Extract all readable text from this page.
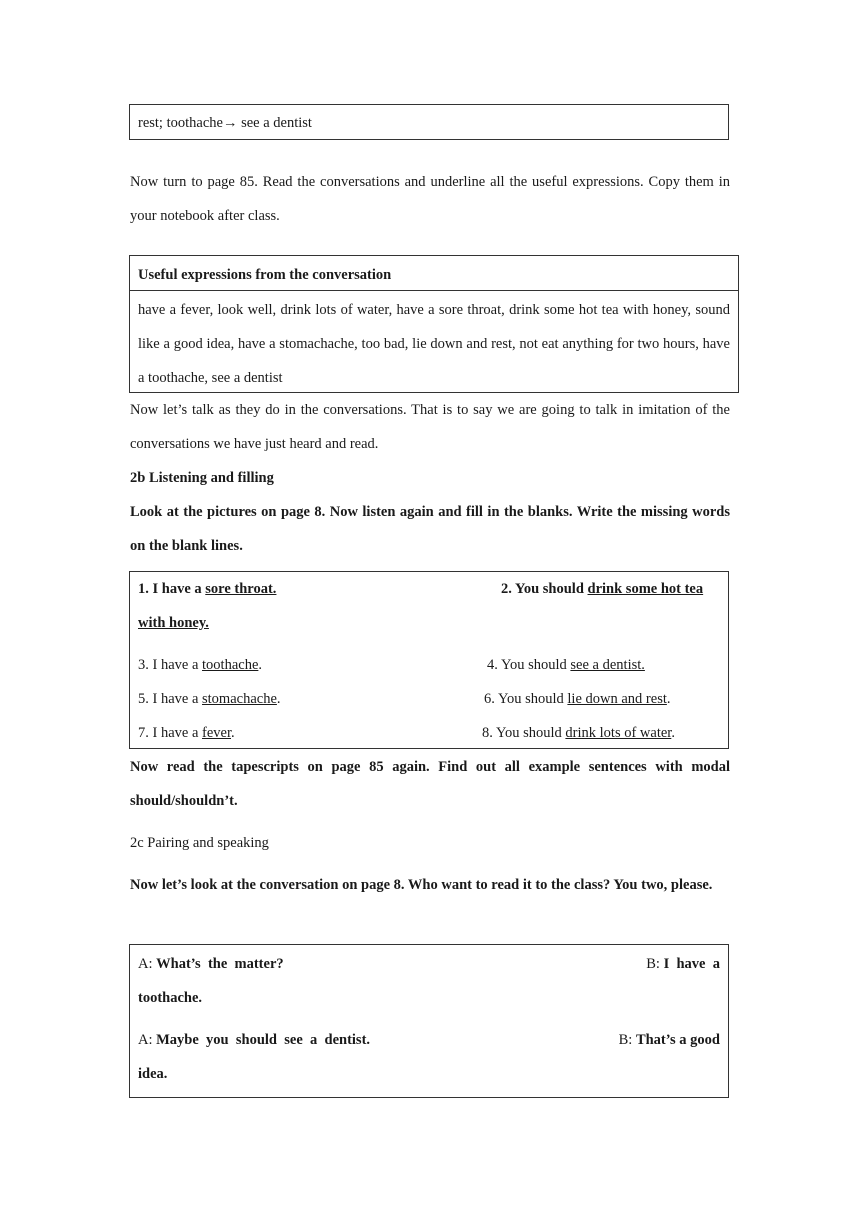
rest; toothache→ see a dentist
Now turn to page 85. Read the conversations and underline all the useful expressions. Copy them in your notebook after class.
Useful expressions from the conversation
have a fever, look well, drink lots of water, have a sore throat, drink some hot tea with honey, sound like a good idea, have a stomachache, too bad, lie down and rest, not eat anything for two hours, have a toothache, see a dentist
Now let’s talk as they do in the conversations. That is to say we are going to talk in imitation of the conversations we have just heard and read.
2b Listening and filling
Look at the pictures on page 8. Now listen again and fill in the blanks. Write the missing words on the blank lines.
1. I have a sore throat.	2. You should drink some hot tea
with honey.
3. I have a toothache.	4. You should see a dentist.
5. I have a stomachache.	6. You should lie down and rest.
7. I have a fever.	8. You should drink lots of water.
Now read the tapescripts on page 85 again. Find out all example sentences with modal should/shouldn’t.
2c Pairing and speaking
Now let’s look at the conversation on page 8. Who want to read it to the class? You two, please.
A: What’s  the  matter?	B: I  have  a
toothache.
A: Maybe  you  should  see  a  dentist.	B: That’s a good
idea.
